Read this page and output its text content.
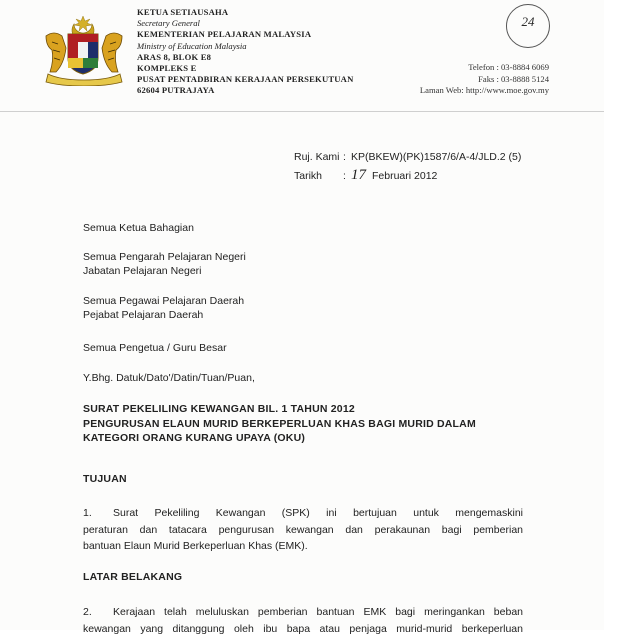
KETUA SETIAUSAHA
Secretary General
KEMENTERIAN PELAJARAN MALAYSIA
Ministry of Education Malaysia
ARAS 8, BLOK E8
KOMPLEKS E
PUSAT PENTADBIRAN KERAJAAN PERSEKUTUAN
62604 PUTRAJAYA
24
Telefon : 03-8884 6069
Faks : 03-8888 5124
Laman Web: http://www.moe.gov.my
Ruj. Kami : KP(BKEW)(PK)1587/6/A-4/JLD.2 (5)
Tarikh	: 17 Februari 2012
Semua Ketua Bahagian
Semua Pengarah Pelajaran Negeri
Jabatan Pelajaran Negeri
Semua Pegawai Pelajaran Daerah
Pejabat Pelajaran Daerah
Semua Pengetua / Guru Besar
Y.Bhg. Datuk/Dato'/Datin/Tuan/Puan,
SURAT PEKELILING KEWANGAN BIL. 1 TAHUN 2012
PENGURUSAN ELAUN MURID BERKEPERLUAN KHAS BAGI MURID DALAM
KATEGORI ORANG KURANG UPAYA (OKU)
TUJUAN
1. Surat Pekeliling Kewangan (SPK) ini bertujuan untuk mengemaskini
peraturan dan tatacara pengurusan kewangan dan perakaunan bagi pemberian
bantuan Elaun Murid Berkeperluan Khas (EMK).
LATAR BELAKANG
2. Kerajaan telah meluluskan pemberian bantuan EMK bagi meringankan beban
kewangan yang ditanggung oleh ibu bapa atau penjaga murid-murid berkeperluan
